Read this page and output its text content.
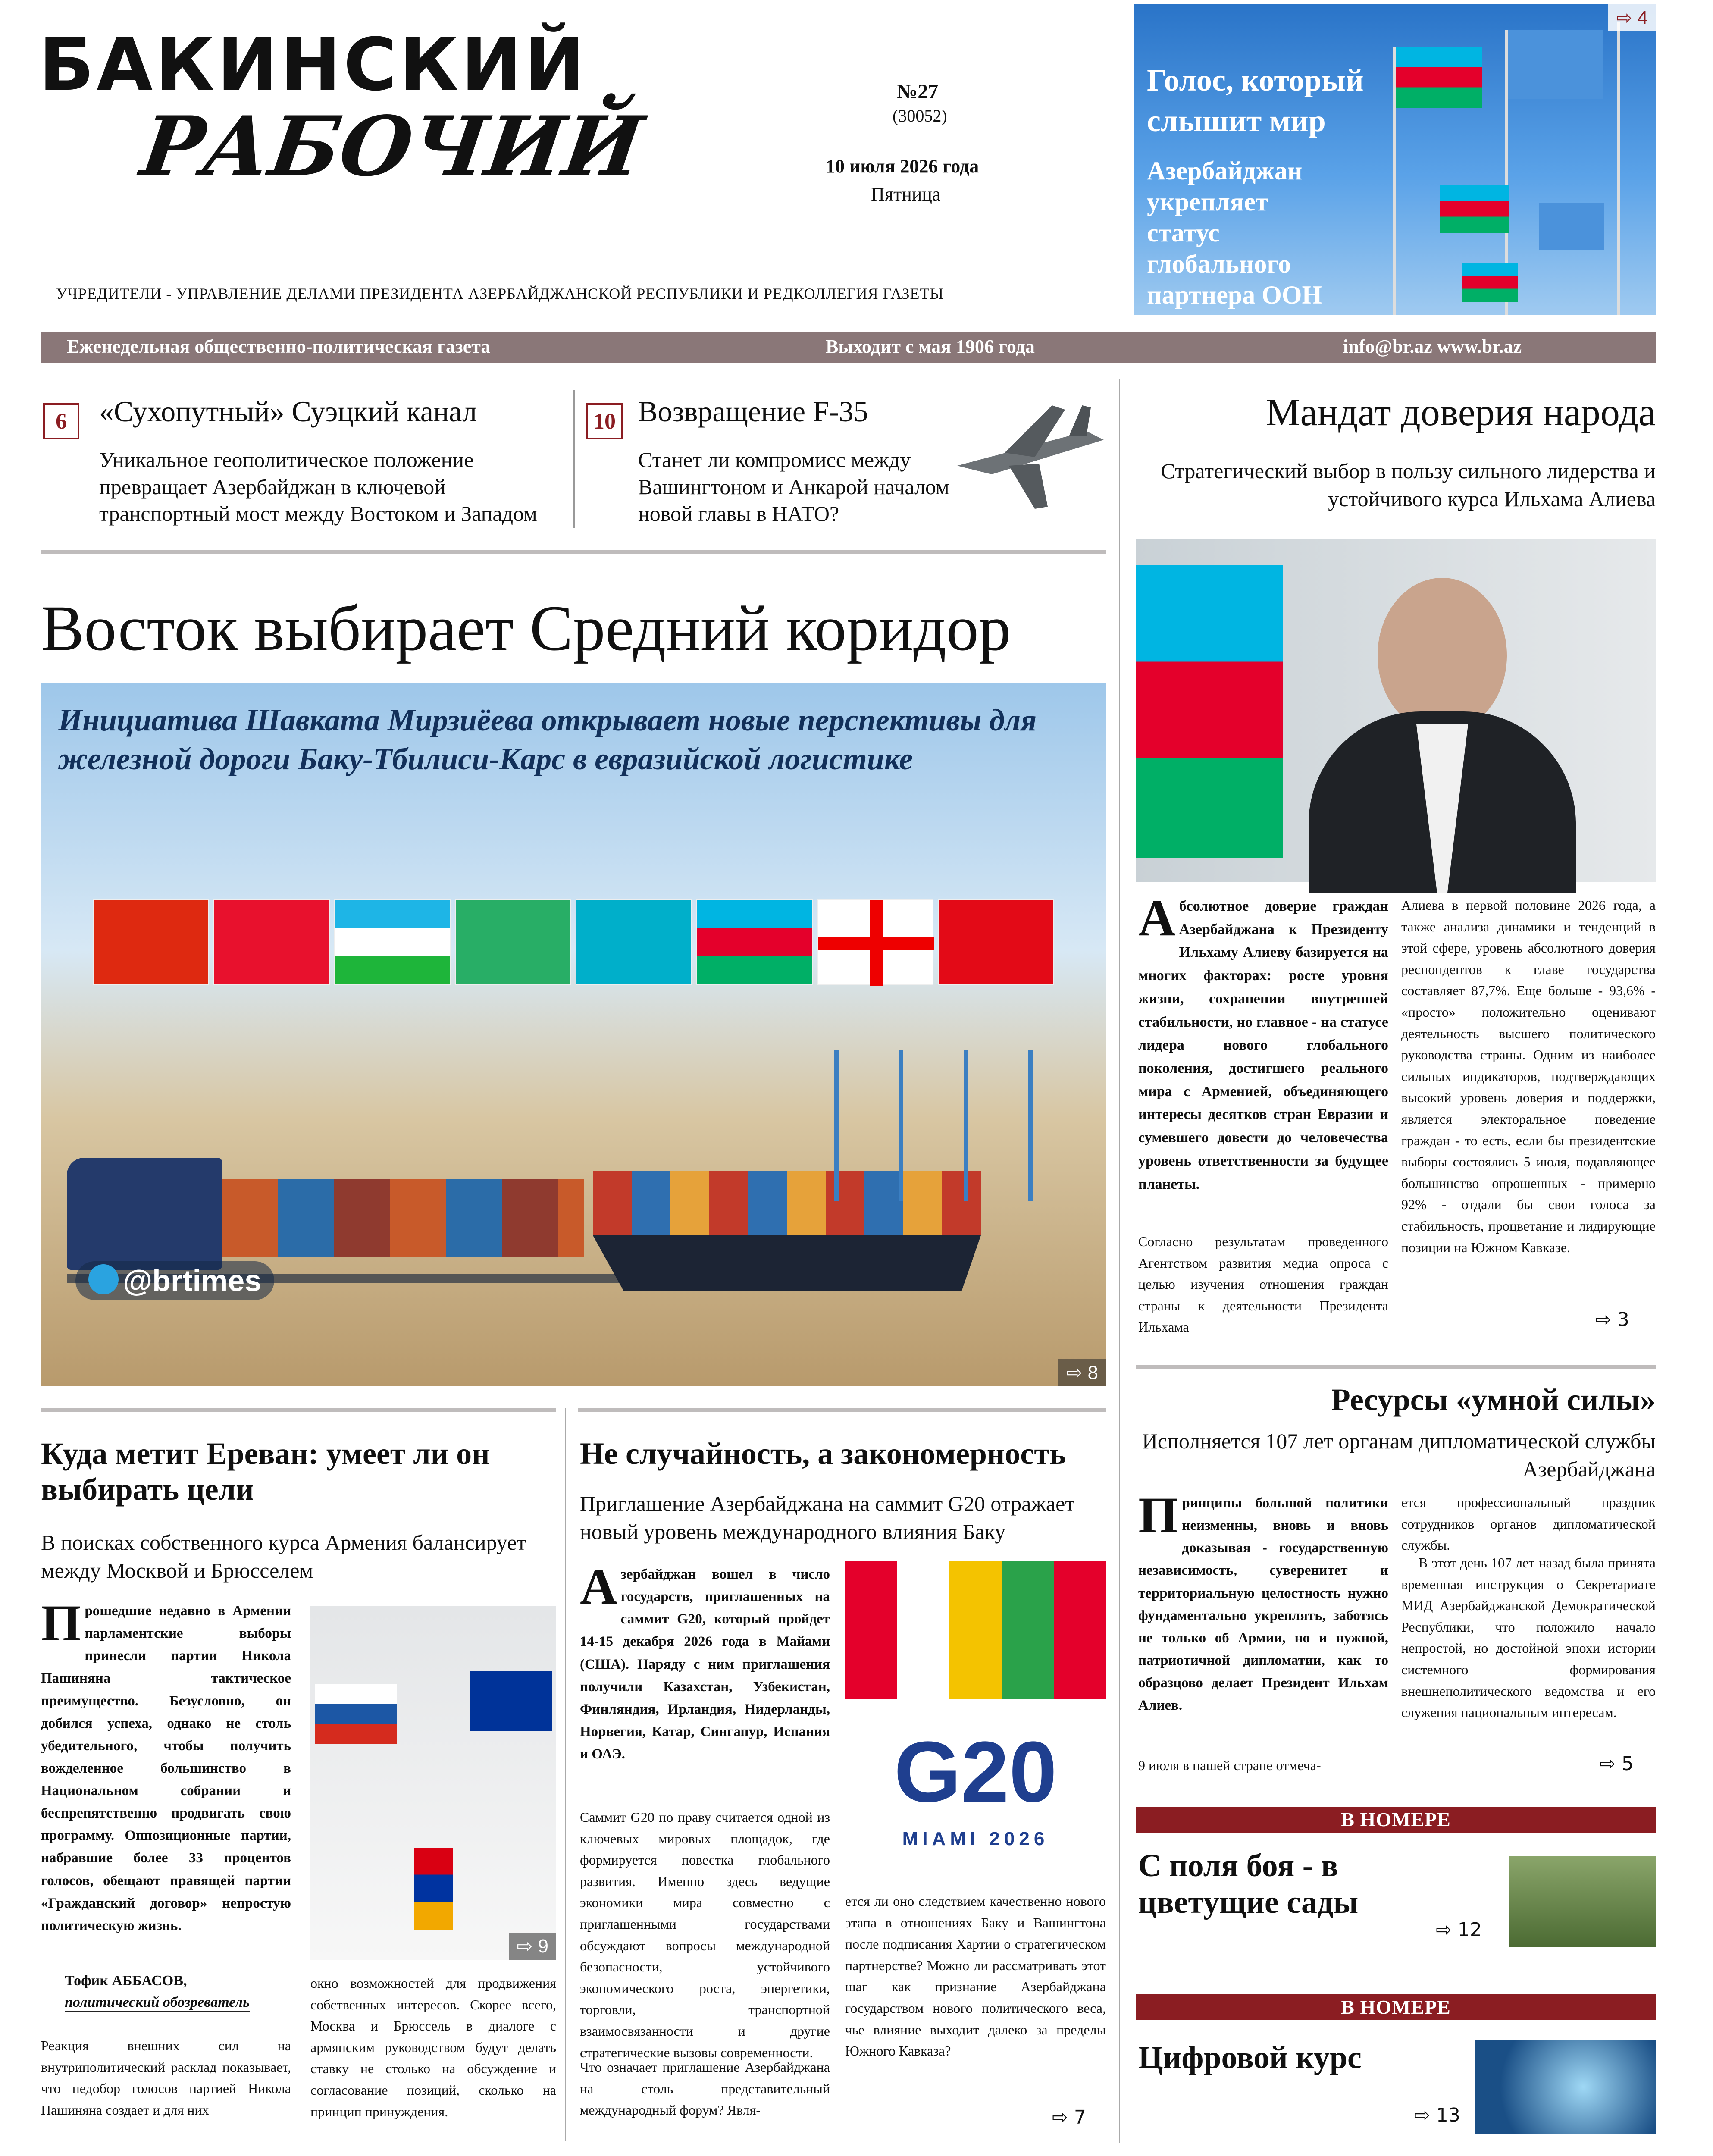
БАКИНСКИЙ
РАБОЧИЙ
№27
(30052)
10 июля 2026 года
Пятница
УЧРЕДИТЕЛИ - УПРАВЛЕНИЕ ДЕЛАМИ ПРЕЗИДЕНТА АЗЕРБАЙДЖАНСКОЙ РЕСПУБЛИКИ И РЕДКОЛЛЕГИЯ ГАЗЕТЫ
Еженедельная общественно-политическая газета	Выходит с мая 1906 года	info@br.az www.br.az
⇨ 4
Голос, который слышит мир
Азербайджан укрепляет статус глобального партнера ООН
6	«Сухопутный» Суэцкий канал
Уникальное геополитическое положение превращает Азербайджан в ключевой транспортный мост между Востоком и Западом
10 Возвращение F-35
Станет ли компромисс между Вашингтоном и Анкарой началом новой главы в НАТО?
Мандат доверия народа
Стратегический выбор в пользу сильного лидерства и устойчивого курса Ильхама Алиева
Абсолютное доверие граждан Азербайджана к Президенту Ильхаму Алиеву базируется на многих факторах: росте уровня жизни, сохранении внутренней стабильности, но главное - на статусе лидера нового глобального поколения, достигшего реального мира с Арменией, объединяющего интересы десятков стран Евразии и сумевшего довести до человечества уровень ответственности за будущее планеты.
Согласно результатам проведенного Агентством развития медиа опроса с целью изучения отношения граждан страны к деятельности Президента Ильхама
Алиева в первой половине 2026 года, а также анализа динамики и тенденций в этой сфере, уровень абсолютного доверия респондентов к главе государства составляет 87,7%. Еще больше - 93,6% - «просто» положительно оценивают деятельность высшего политического руководства страны. Одним из наиболее сильных индикаторов, подтверждающих высокий уровень доверия и поддержки, является электоральное поведение граждан - то есть, если бы президентские выборы состоялись 5 июля, подавляющее большинство опрошенных - примерно 92% - отдали бы свои голоса за стабильность, процветание и лидирующие позиции на Южном Кавказе.
⇨ 3
Восток выбирает Средний коридор
Инициатива Шавката Мирзиёева открывает новые перспективы для железной дороги Баку-Тбилиси-Карс в евразийской логистике
@brtimes
⇨ 8
Куда метит Ереван: умеет ли он выбирать цели
В поисках собственного курса Армения балансирует между Москвой и Брюсселем
Прошедшие недавно в Армении парламентские выборы принесли партии Никола Пашиняна тактическое преимущество. Безусловно, он добился успеха, однако не столь убедительного, чтобы получить вожделенное большинство в Национальном собрании и беспрепятственно продвигать свою программу. Оппозиционные партии, набравшие более 33 процентов голосов, обещают правящей партии «Гражданский договор» непростую политическую жизнь.
⇨ 9
Тофик АББАСОВ,
политический обозреватель
Реакция внешних сил на внутриполитический расклад показывает, что недобор голосов партией Никола Пашиняна создает и для них
окно возможностей для продвижения собственных интересов. Скорее всего, Москва и Брюссель в диалоге с армянским руководством будут делать ставку не столько на обсуждение и согласование позиций, сколько на принцип принуждения.
Не случайность, а закономерность
Приглашение Азербайджана на саммит G20 отражает новый уровень международного влияния Баку
Азербайджан вошел в число государств, приглашенных на саммит G20, который пройдет 14-15 декабря 2026 года в Майами (США). Наряду с ним приглашения получили Казахстан, Узбекистан, Финляндия, Ирландия, Нидерланды, Норвегия, Катар, Сингапур, Испания и ОАЭ.	G20
MIAMI 2026
Саммит G20 по праву считается одной из ключевых мировых площадок, где формируется повестка глобального развития. Именно здесь ведущие экономики мира совместно с приглашенными государствами обсуждают вопросы международной безопасности, устойчивого экономического роста, энергетики, торговли, транспортной взаимосвязанности и другие стратегические вызовы современности.
Что означает приглашение Азербайджана на столь представительный международный форум? Явля-
ется ли оно следствием качественно нового этапа в отношениях Баку и Вашингтона после подписания Хартии о стратегическом партнерстве? Можно ли рассматривать этот шаг как признание Азербайджана государством нового политического веса, чье влияние выходит далеко за пределы Южного Кавказа?
⇨ 7
Ресурсы «умной силы»
Исполняется 107 лет органам дипломатической службы Азербайджана
Принципы большой политики неизменны, вновь и вновь доказывая - государственную независимость, суверенитет и территориальную целостность нужно фундаментально укреплять, заботясь не только об Армии, но и нужной, патриотичной дипломатии, как то образцово делает Президент Ильхам Алиев.
9 июля в нашей стране отмеча-
ется профессиональный праздник сотрудников органов дипломатической службы.
В этот день 107 лет назад была принята временная инструкция о Секретариате МИД Азербайджанской Демократической Республики, что положило начало непростой, но достойной эпохи истории системного формирования внешнеполитического ведомства и его служения национальным интересам.
⇨ 5
В НОМЕРЕ
С поля боя - в цветущие сады
⇨ 12
В НОМЕРЕ
Цифровой курс
⇨ 13
